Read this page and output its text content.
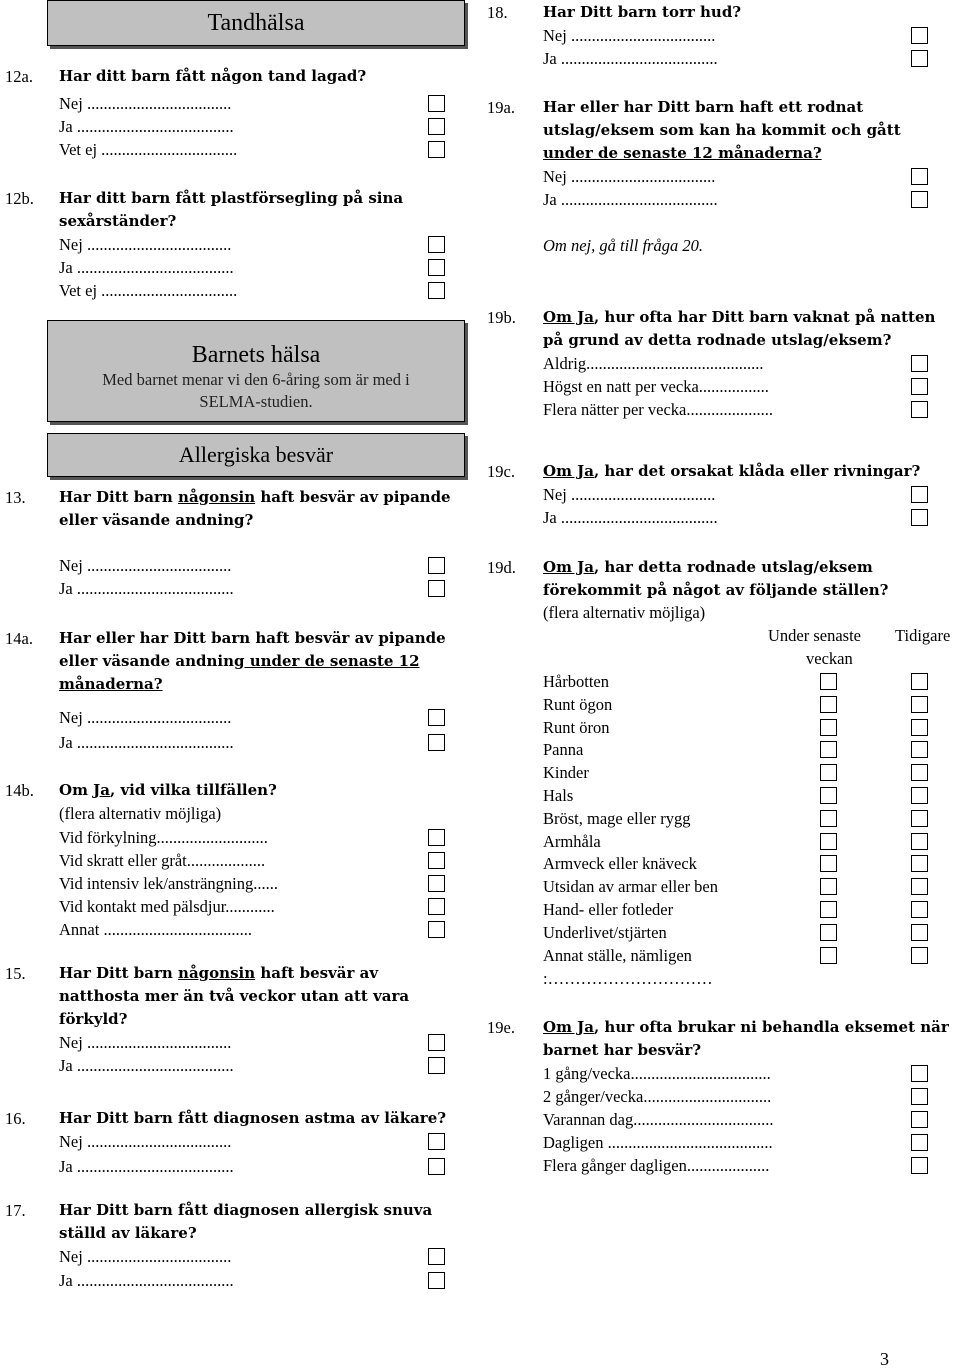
Tandhälsa
12a. Har ditt barn fått någon tand lagad?
Nej ...................................
Ja ......................................
Vet ej .................................
12b. Har ditt barn fått plastförsegling på sina
sexårständer?
Nej ...................................
Ja ......................................
Vet ej .................................
Barnets hälsa
Med barnet menar vi den 6-åring som är med i
SELMA-studien.
Allergiska besvär
13. Har Ditt barn någonsin haft besvär av pipande
eller väsande andning?
Nej ...................................
Ja ......................................
14a. Har eller har Ditt barn haft besvär av pipande
eller väsande andning under de senaste 12
månaderna?
Nej ...................................
Ja ......................................
14b. Om Ja, vid vilka tillfällen?
(flera alternativ möjliga)
Vid förkylning...........................
Vid skratt eller gråt...................
Vid intensiv lek/ansträngning......
Vid kontakt med pälsdjur............
Annat ....................................
15. Har Ditt barn någonsin haft besvär av
natthosta mer än två veckor utan att vara
förkyld?
Nej ...................................
Ja ......................................
16. Har Ditt barn fått diagnosen astma av läkare?
Nej ...................................
Ja ......................................
17. Har Ditt barn fått diagnosen allergisk snuva
ställd av läkare?
Nej ...................................
Ja ......................................
18. Har Ditt barn torr hud?
Nej ...................................
Ja ......................................
19a. Har eller har Ditt barn haft ett rodnat
utslag/eksem som kan ha kommit och gått
under de senaste 12 månaderna?
Nej ...................................
Ja ......................................
Om nej, gå till fråga 20.
19b. Om Ja, hur ofta har Ditt barn vaknat på natten
på grund av detta rodnade utslag/eksem?
Aldrig...........................................
Högst en natt per vecka.................
Flera nätter per vecka.....................
19c. Om Ja, har det orsakat klåda eller rivningar?
Nej ...................................
Ja ......................................
19d. Om Ja, har detta rodnade utslag/eksem
förekommit på något av följande ställen?
(flera alternativ möjliga)
Under senaste
veckan
Tidigare
Hårbotten
Runt ögon
Runt öron
Panna
Kinder
Hals
Bröst, mage eller rygg
Armhåla
Armveck eller knäveck
Utsidan av armar eller ben
Hand- eller fotleder
Underlivet/stjärten
Annat ställe, nämligen
:…………………………
19e. Om Ja, hur ofta brukar ni behandla eksemet när
barnet har besvär?
1 gång/vecka..................................
2 gånger/vecka...............................
Varannan dag..................................
Dagligen ........................................
Flera gånger dagligen....................
3
